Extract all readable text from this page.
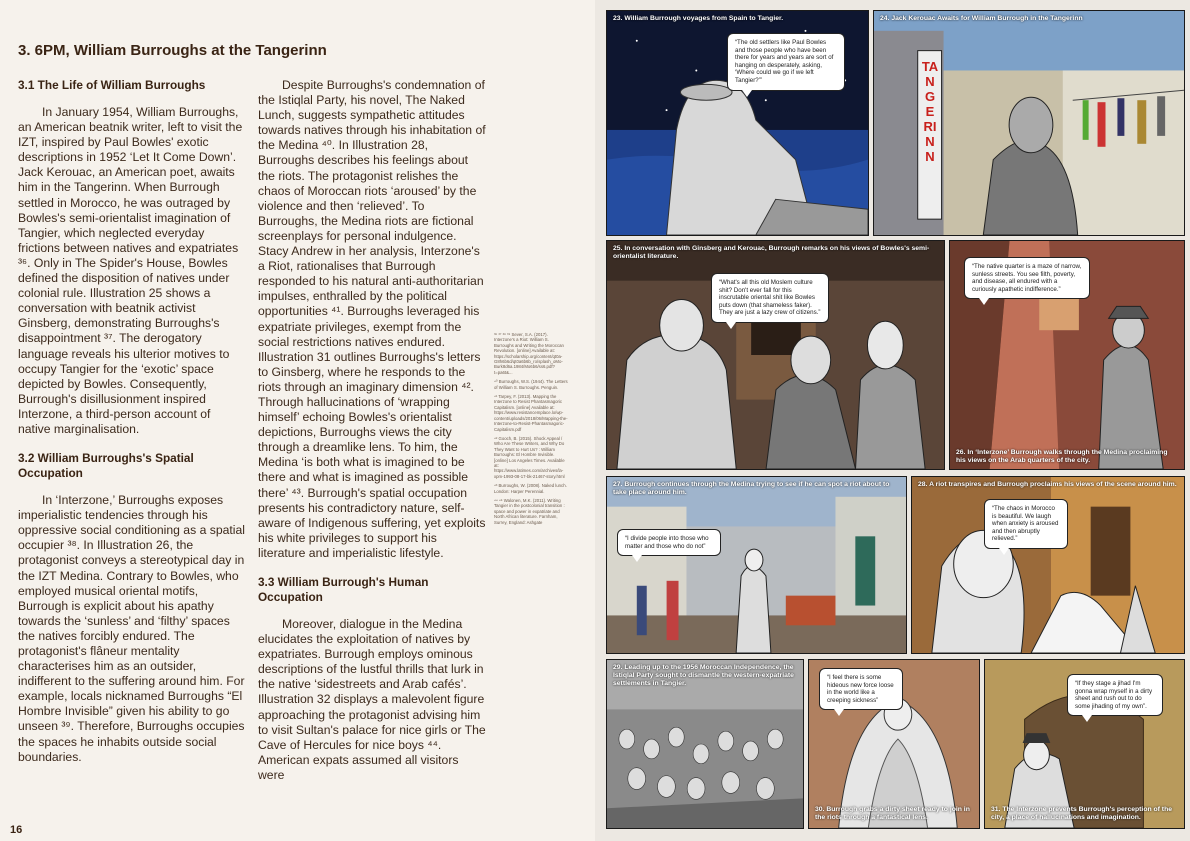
3. 6PM, William Burroughs at the Tangerinn
3.1 The Life of William Burroughs

In January 1954, William Burroughs, an American beatnik writer, left to visit the IZT, inspired by Paul Bowles' exotic descriptions in 1952 ‘Let It Come Down’. Jack Kerouac, an American poet, awaits him in the Tangerinn. When Burrough settled in Morocco, he was outraged by Bowles's semi-orientalist imagination of Tangier, which neglected everyday frictions between natives and expatriates ³⁶. Only in The Spider's House, Bowles defined the disposition of natives under colonial rule. Illustration 25 shows a conversation with beatnik activist Ginsberg, demonstrating Burroughs's disappointment ³⁷. The derogatory language reveals his ulterior motives to occupy Tangier for the ‘exotic’ space depicted by Bowles. Consequently, Burrough's disillusionment inspired Interzone, a third-person account of native marginalisation.

3.2 William Burroughs's Spatial Occupation

In ‘Interzone,’ Burroughs exposes imperialistic tendencies through his oppressive social conditioning as a spatial occupier ³⁸. In Illustration 26, the protagonist conveys a stereotypical day in the IZT Medina. Contrary to Bowles, who employed musical oriental motifs, Burrough is explicit about his apathy towards the ‘sunless’ and ‘filthy’ spaces the natives forcibly endured. The protagonist's flâneur mentality characterises him as an outsider, indifferent to the suffering around him. For example, locals nicknamed Burroughs “El Hombre Invisible” given his ability to go unseen ³⁹. Therefore, Burroughs occupies the spaces he inhabits outside social boundaries.

Despite Burroughs's condemnation of the Istiqlal Party, his novel, The Naked Lunch, suggests sympathetic attitudes towards natives through his inhabitation of the Medina ⁴⁰. In Illustration 28, Burroughs describes his feelings about the riots. The protagonist relishes the chaos of Moroccan riots ‘aroused’ by the violence and then ‘relieved’. To Burroughs, the Medina riots are fictional screenplays for personal indulgence. Stacy Andrew in her analysis, Interzone's a Riot, rationalises that Burrough responded to his natural anti-authoritarian impulses, enthralled by the political opportunities ⁴¹. Burroughs leveraged his expatriate privileges, exempt from the social restrictions natives endured. Illustration 31 outlines Burroughs's letters to Ginsberg, where he responds to the riots through an imaginary dimension ⁴². Through hallucinations of ‘wrapping himself’ echoing Bowles's orientalist depictions, Burroughs views the city through a dreamlike lens. To him, the Medina ‘is both what is imagined to be there and what is imagined as possible there’ ⁴³. Burrough's spatial occupation presents his contradictory nature, self-aware of Indigenous suffering, yet exploits his white privileges to support his literature and imperialistic lifestyle.

3.3 William Burrough's Human Occupation

Moreover, dialogue in the Medina elucidates the exploitation of natives by expatriates. Burrough employs ominous descriptions of the lustful thrills that lurk in the native ‘sidestreets and Arab cafés’. Illustration 32 displays a malevolent figure approaching the protagonist advising him to visit Sultan's palace for nice girls or The Cave of Hercules for nice boys ⁴⁴. American expats assumed all visitors were

³⁶ ³⁷ ³⁸ ³⁹ Sever, S.A. (2017). Interzone's a Riot: William S. Burroughs and Writing the Moroccan Revolution. [online] Available at: https://scholarship.org/content/qt0a-G8h6b6d/qt0a6b6b_ro/splash_oMo-Burk8d6a.1984/Mo6b6/ss6.pdf?t=pa6t&...
⁴⁰ Burroughs, W.S. (1944). The Letters of William S. Burroughs. Penguin.
⁴¹ Tarpey, F. (2013). Mapping the Interzone to Resist Phantasmagoric Capitalism. [online] Available at: https://www.resistancemplace.lo/wp-content/uploads/2018/06/Mapping-the-Interzone-to-Resist-Phantasmagoric-Capitalism.pdf
⁴² Gooch, B. (2015). Shock Appeal / Who Are These Writers, and Why Do They Want to Hurt Us? : William Burroughs: El Hombre Invisible. [online] Los Angeles Times. Available at: https://www.latimes.com/archives/la-xpm-1993-08-17-bk-21467-story.html
⁴³ Burroughs, W. (2008). Naked lunch. London: Harper Perennial.
⁴⁴ ⁴⁵ Walonen, M.K. (2011). Writing Tangier in the postcolonial transition : space and power in expatriate and North African literature. Farnham, Surrey, England: Ashgate
16
23. William Burrough voyages from Spain to Tangier.
“The old settlers like Paul Bowles and those people who have been there for years and years are sort of hanging on desperately, asking, ‘Where could we go if we left Tangier?’”
TANGERINN
24. Jack Kerouac Awaits for William Burrough in the Tangerinn
25. In conversation with Ginsberg and Kerouac, Burrough remarks on his views of Bowles's semi-orientalist literature.
“What's all this old Moslem culture shit? Don't ever fall for this inscrutable oriental shit like Bowles puts down (that shameless faker). They are just a lazy crew of citizens.”
“The native quarter is a maze of narrow, sunless streets. You see filth, poverty, and disease, all endured with a curiously apathetic indifference.”
26. In ‘Interzone’ Burrough walks through the Medina proclaiming his views on the Arab quarters of the city.
27. Burrough continues through the Medina trying to see if he can spot a riot about to take place around him.
“I divide people into those who matter and those who do not”
28. A riot transpires and Burrough proclaims his views of the scene around him.
“The chaos in Morocco is beautiful. We laugh when anxiety is aroused and then abruptly relieved.”
29. Leading up to the 1956 Moroccan Independence, the Istiqlal Party sought to dismantle the western-expatriate settlements in Tangier.
“I feel there is some hideous new force loose in the world like a creeping sickness”
30. Burrough grabs a dirty sheet ready to join in the riots through a fantastical lens.
“If they stage a jihad I'm gonna wrap myself in a dirty sheet and rush out to do some jihading of my own”.
31. The Interzone prevents Burrough's perception of the city, a place of hallucinations and imagination.
